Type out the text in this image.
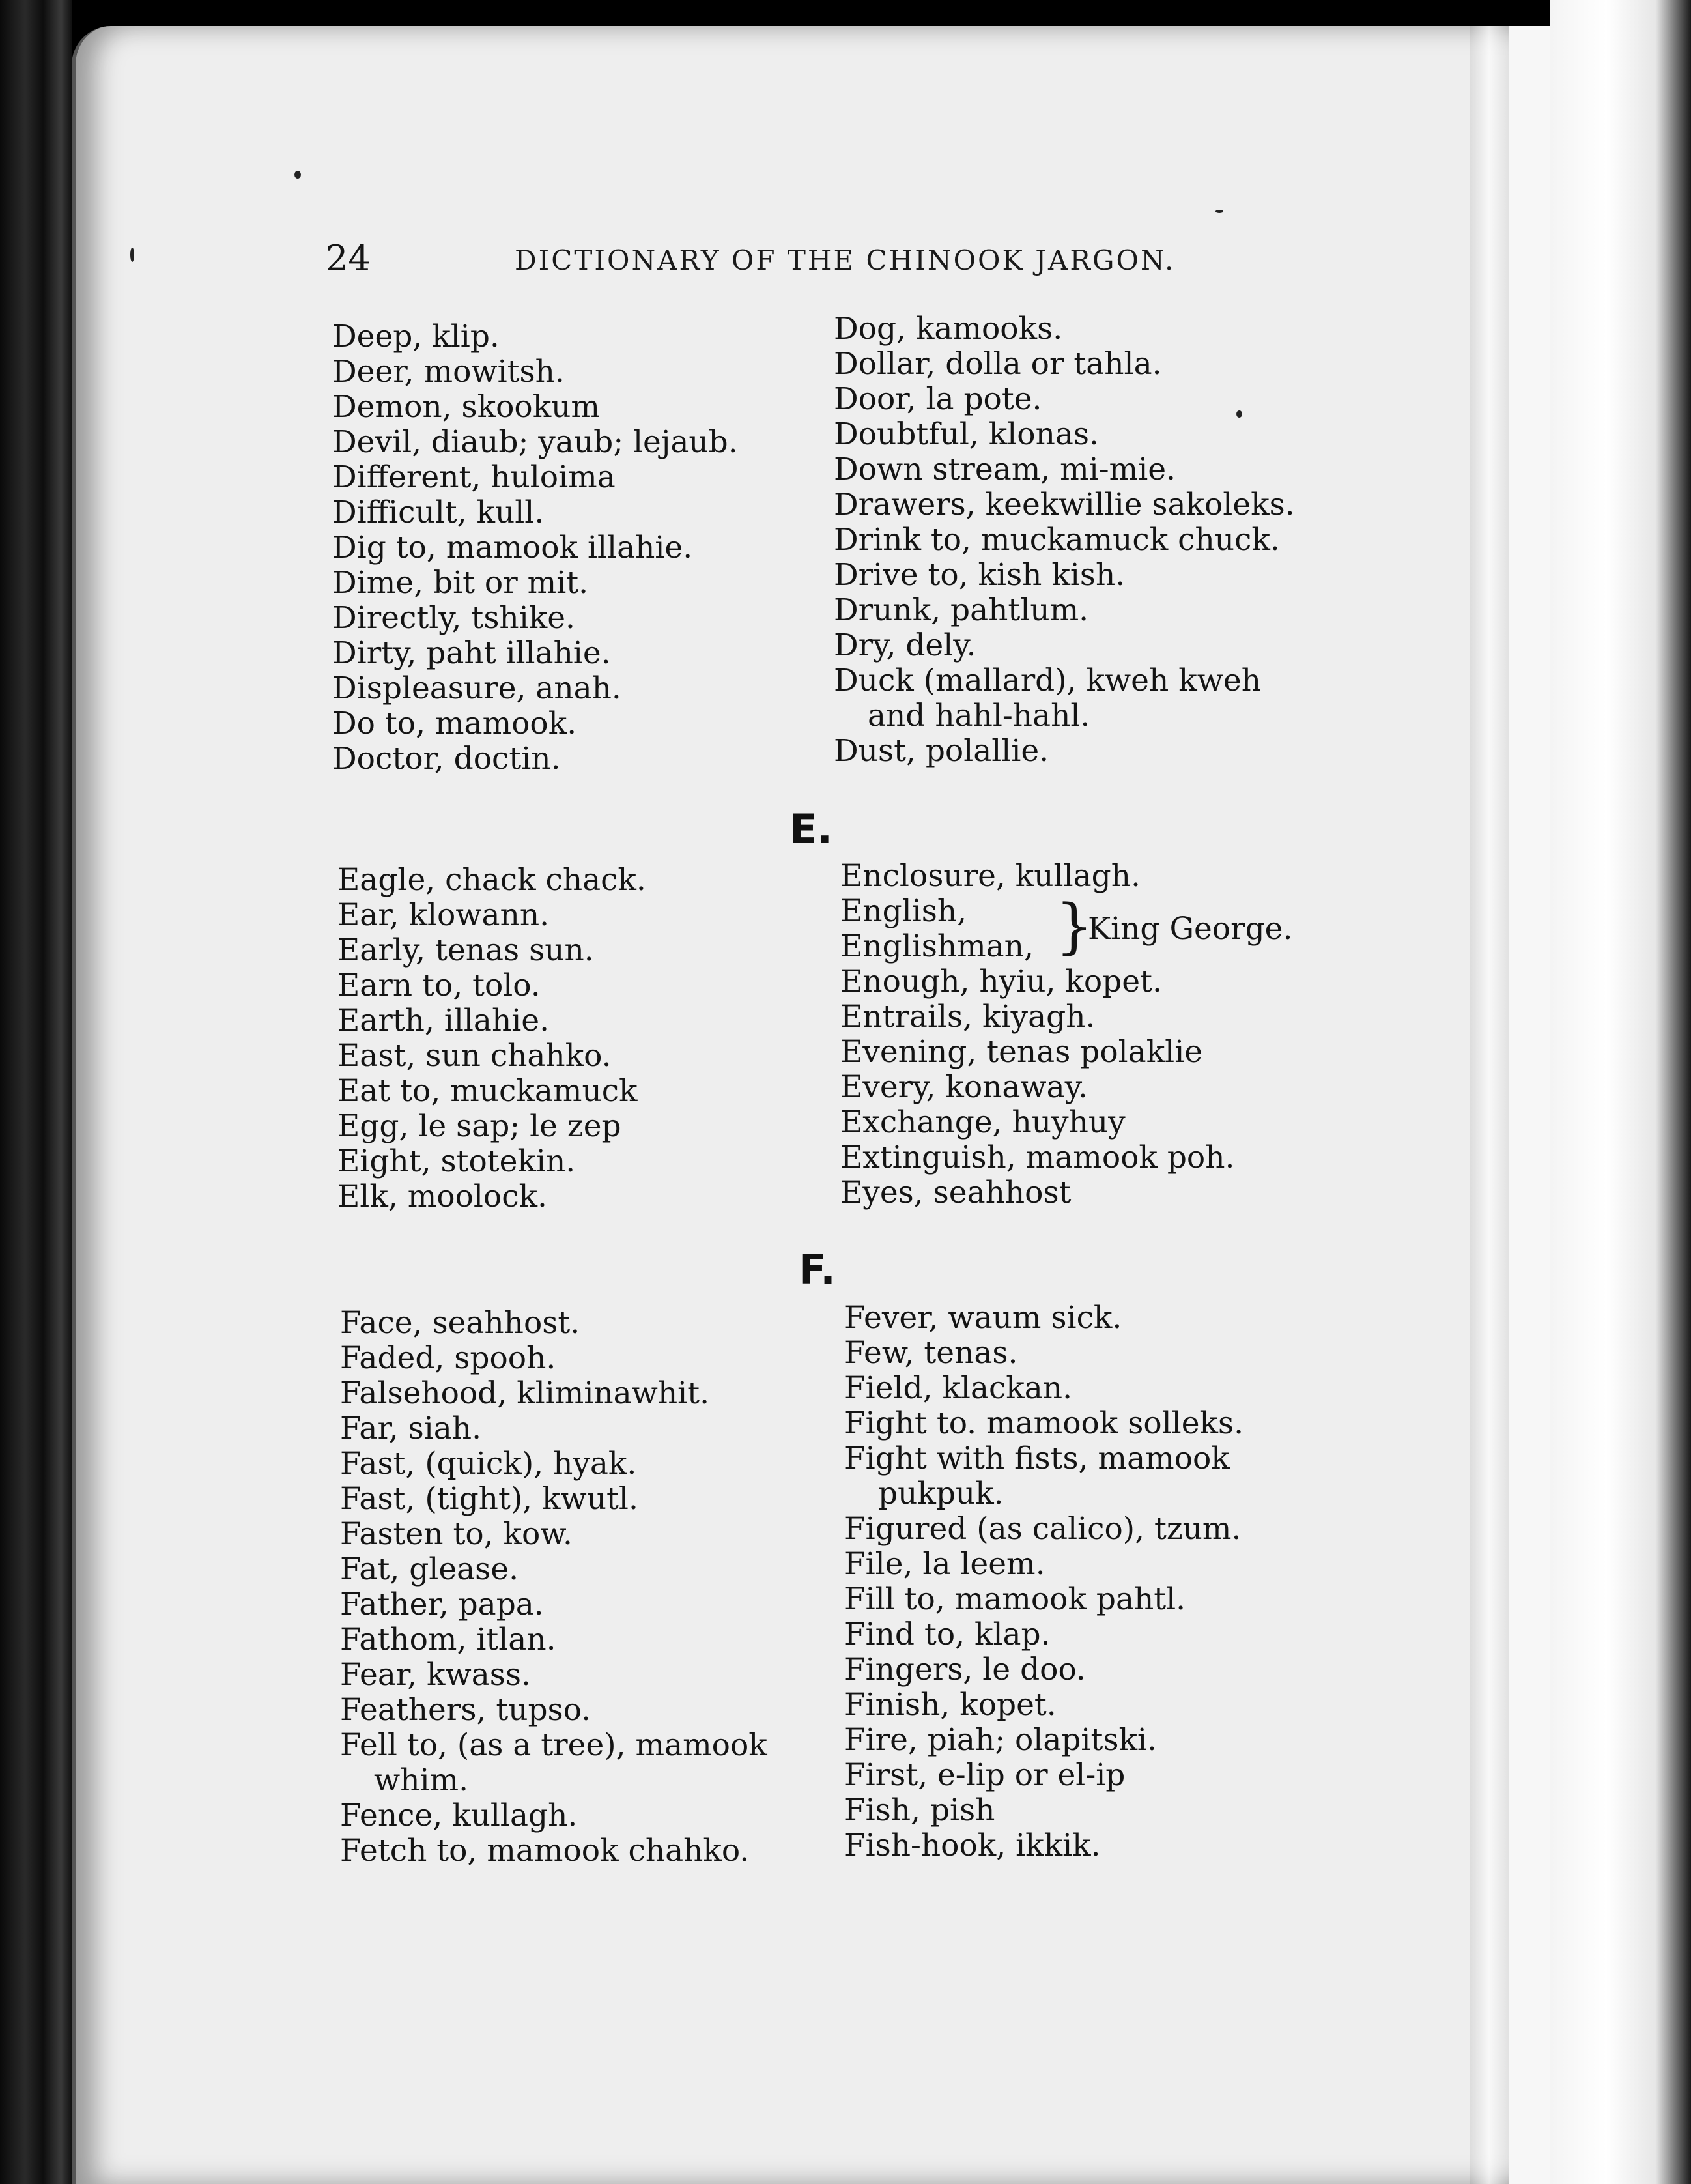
24	DICTIONARY OF THE CHINOOK JARGON.

Deep, klip.

Deer, mowitsh.

Demon, skookum

Devil, diaub; yaub; lejaub.

Different, huloima

Difficult, kull.

Dig to, mamook illahie.

Dime, bit or mit.

Directly, tshike.

Dirty, paht illahie.

Displeasure, anah.

Do to, mamook.

Doctor, doctin.

Dog, kamooks.

Dollar, dolla or tahla.

Door, la pote.

Doubtful, klonas.

Down stream, mi-mie.

Drawers, keekwillie sakoleks.

Drink to, muckamuck chuck.

Drive to, kish kish.

Drunk, pahtlum.

Dry, dely.

Duck (mallard), kweh kweh

and hahl-hahl.

Dust, polallie.

E.

Eagle, chack chack.

Ear, klowann.

Early, tenas sun.

Earn to, tolo.

Earth, illahie.

East, sun chahko.

Eat to, muckamuck

Egg, le sap; le zep

Eight, stotekin.

Elk, moolock.

Enclosure, kullagh.

English,
Englishman, }
King George.

Enough, hyiu, kopet.

Entrails, kiyagh.

Evening, tenas polaklie

Every, konaway.

Exchange, huyhuy

Extinguish, mamook poh.

Eyes, seahhost

F.

Face, seahhost.

Faded, spooh.

Falsehood, kliminawhit.

Far, siah.

Fast, (quick), hyak.

Fast, (tight), kwutl.

Fasten to, kow.

Fat, glease.

Father, papa.

Fathom, itlan.

Fear, kwass.

Feathers, tupso.

Fell to, (as a tree), mamook

whim.

Fence, kullagh.

Fetch to, mamook chahko.

Fever, waum sick.

Few, tenas.

Field, klackan.

Fight to. mamook solleks.

Fight with fists, mamook

pukpuk.

Figured (as calico), tzum.

File, la leem.

Fill to, mamook pahtl.

Find to, klap.

Fingers, le doo.

Finish, kopet.

Fire, piah; olapitski.

First, e-lip or el-ip

Fish, pish

Fish-hook, ikkik.
